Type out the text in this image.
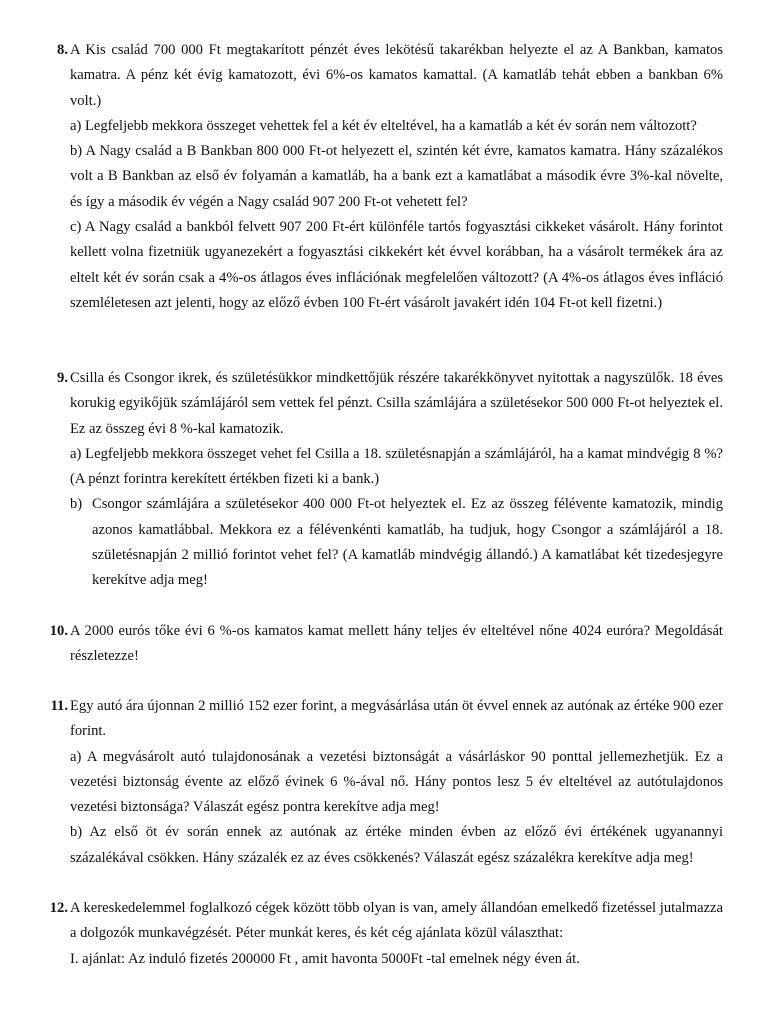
8. A Kis család 700 000 Ft megtakarított pénzét éves lekötésű takarékban helyezte el az A Bankban, kamatos kamatra. A pénz két évig kamatozott, évi 6%-os kamatos kamattal. (A kamatláb tehát ebben a bankban 6% volt.)
a) Legfeljebb mekkora összeget vehettek fel a két év elteltével, ha a kamatláb a két év során nem változott?
b) A Nagy család a B Bankban 800 000 Ft-ot helyezett el, szintén két évre, kamatos kamatra. Hány százalékos volt a B Bankban az első év folyamán a kamatláb, ha a bank ezt a kamatlábat a második évre 3%-kal növelte, és így a második év végén a Nagy család 907 200 Ft-ot vehetett fel?
c) A Nagy család a bankból felvett 907 200 Ft-ért különféle tartós fogyasztási cikkeket vásárolt. Hány forintot kellett volna fizetniük ugyanezekért a fogyasztási cikkekért két évvel korábban, ha a vásárolt termékek ára az eltelt két év során csak a 4%-os átlagos éves inflációnak megfelelően változott? (A 4%-os átlagos éves infláció szemléletesen azt jelenti, hogy az előző évben 100 Ft-ért vásárolt javakért idén 104 Ft-ot kell fizetni.)
9. Csilla és Csongor ikrek, és születésükkor mindkettőjük részére takarékkönyvet nyitottak a nagyszülők. 18 éves korukig egyikőjük számlájáról sem vettek fel pénzt. Csilla számlájára a születésekor 500 000 Ft-ot helyeztek el. Ez az összeg évi 8 %-kal kamatozik.
a) Legfeljebb mekkora összeget vehet fel Csilla a 18. születésnapján a számlájáról, ha a kamat mindvégig 8 %? (A pénzt forintra kerekített értékben fizeti ki a bank.)
b) Csongor számlájára a születésekor 400 000 Ft-ot helyeztek el. Ez az összeg félévente kamatozik, mindig azonos kamatlábbal. Mekkora ez a félévenkénti kamatláb, ha tudjuk, hogy Csongor a számlájáról a 18. születésnapján 2 millió forintot vehet fel? (A kamatláb mindvégig állandó.) A kamatlábat két tizedesjegyre kerekítve adja meg!
10. A 2000 eurós tőke évi 6 %-os kamatos kamat mellett hány teljes év elteltével nőne 4024 euróra? Megoldását részletezze!
11. Egy autó ára újonnan 2 millió 152 ezer forint, a megvásárlása után öt évvel ennek az autónak az értéke 900 ezer forint.
a) A megvásárolt autó tulajdonosának a vezetési biztonságát a vásárláskor 90 ponttal jellemezhetjük. Ez a vezetési biztonság évente az előző évinek 6 %-ával nő. Hány pontos lesz 5 év elteltével az autótulajdonos vezetési biztonsága? Válaszát egész pontra kerekítve adja meg!
b) Az első öt év során ennek az autónak az értéke minden évben az előző évi értékének ugyanannyi százalékával csökken. Hány százalék ez az éves csökkenés? Válaszát egész százalékra kerekítve adja meg!
12. A kereskedelemmel foglalkozó cégek között több olyan is van, amely állandóan emelkedő fizetéssel jutalmazza a dolgozók munkavégzését. Péter munkát keres, és két cég ajánlata közül választhat:
I. ajánlat: Az induló fizetés 200000 Ft , amit havonta 5000Ft -tal emelnek négy éven át.
